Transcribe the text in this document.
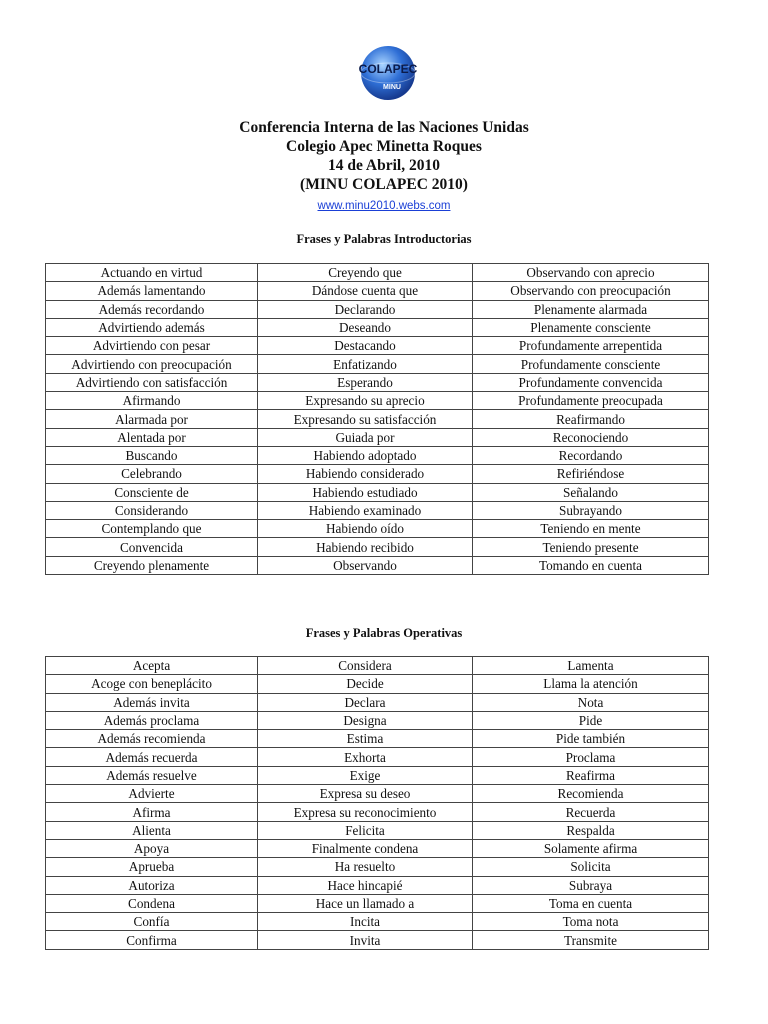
COLAPEC
MINU
Conferencia Interna de las Naciones Unidas
Colegio Apec Minetta Roques
14 de Abril, 2010
(MINU COLAPEC 2010)
www.minu2010.webs.com
Frases y Palabras Introductorias
Actuando en virtud	Creyendo que	Observando con aprecio
Además lamentando	Dándose cuenta que	Observando con preocupación
Además recordando	Declarando	Plenamente alarmada
Advirtiendo además	Deseando	Plenamente consciente
Advirtiendo con pesar	Destacando	Profundamente arrepentida
Advirtiendo con preocupación	Enfatizando	Profundamente consciente
Advirtiendo con satisfacción	Esperando	Profundamente convencida
Afirmando	Expresando su aprecio	Profundamente preocupada
Alarmada por	Expresando su satisfacción	Reafirmando
Alentada por	Guiada por	Reconociendo
Buscando	Habiendo adoptado	Recordando
Celebrando	Habiendo considerado	Refiriéndose
Consciente de	Habiendo estudiado	Señalando
Considerando	Habiendo examinado	Subrayando
Contemplando que	Habiendo oído	Teniendo en mente
Convencida	Habiendo recibido	Teniendo presente
Creyendo plenamente	Observando	Tomando en cuenta
Frases y Palabras Operativas
Acepta	Considera	Lamenta
Acoge con beneplácito	Decide	Llama la atención
Además invita	Declara	Nota
Además proclama	Designa	Pide
Además recomienda	Estima	Pide también
Además recuerda	Exhorta	Proclama
Además resuelve	Exige	Reafirma
Advierte	Expresa su deseo	Recomienda
Afirma	Expresa su reconocimiento	Recuerda
Alienta	Felicita	Respalda
Apoya	Finalmente condena	Solamente afirma
Aprueba	Ha resuelto	Solicita
Autoriza	Hace hincapié	Subraya
Condena	Hace un llamado a	Toma en cuenta
Confía	Incita	Toma nota
Confirma	Invita	Transmite
